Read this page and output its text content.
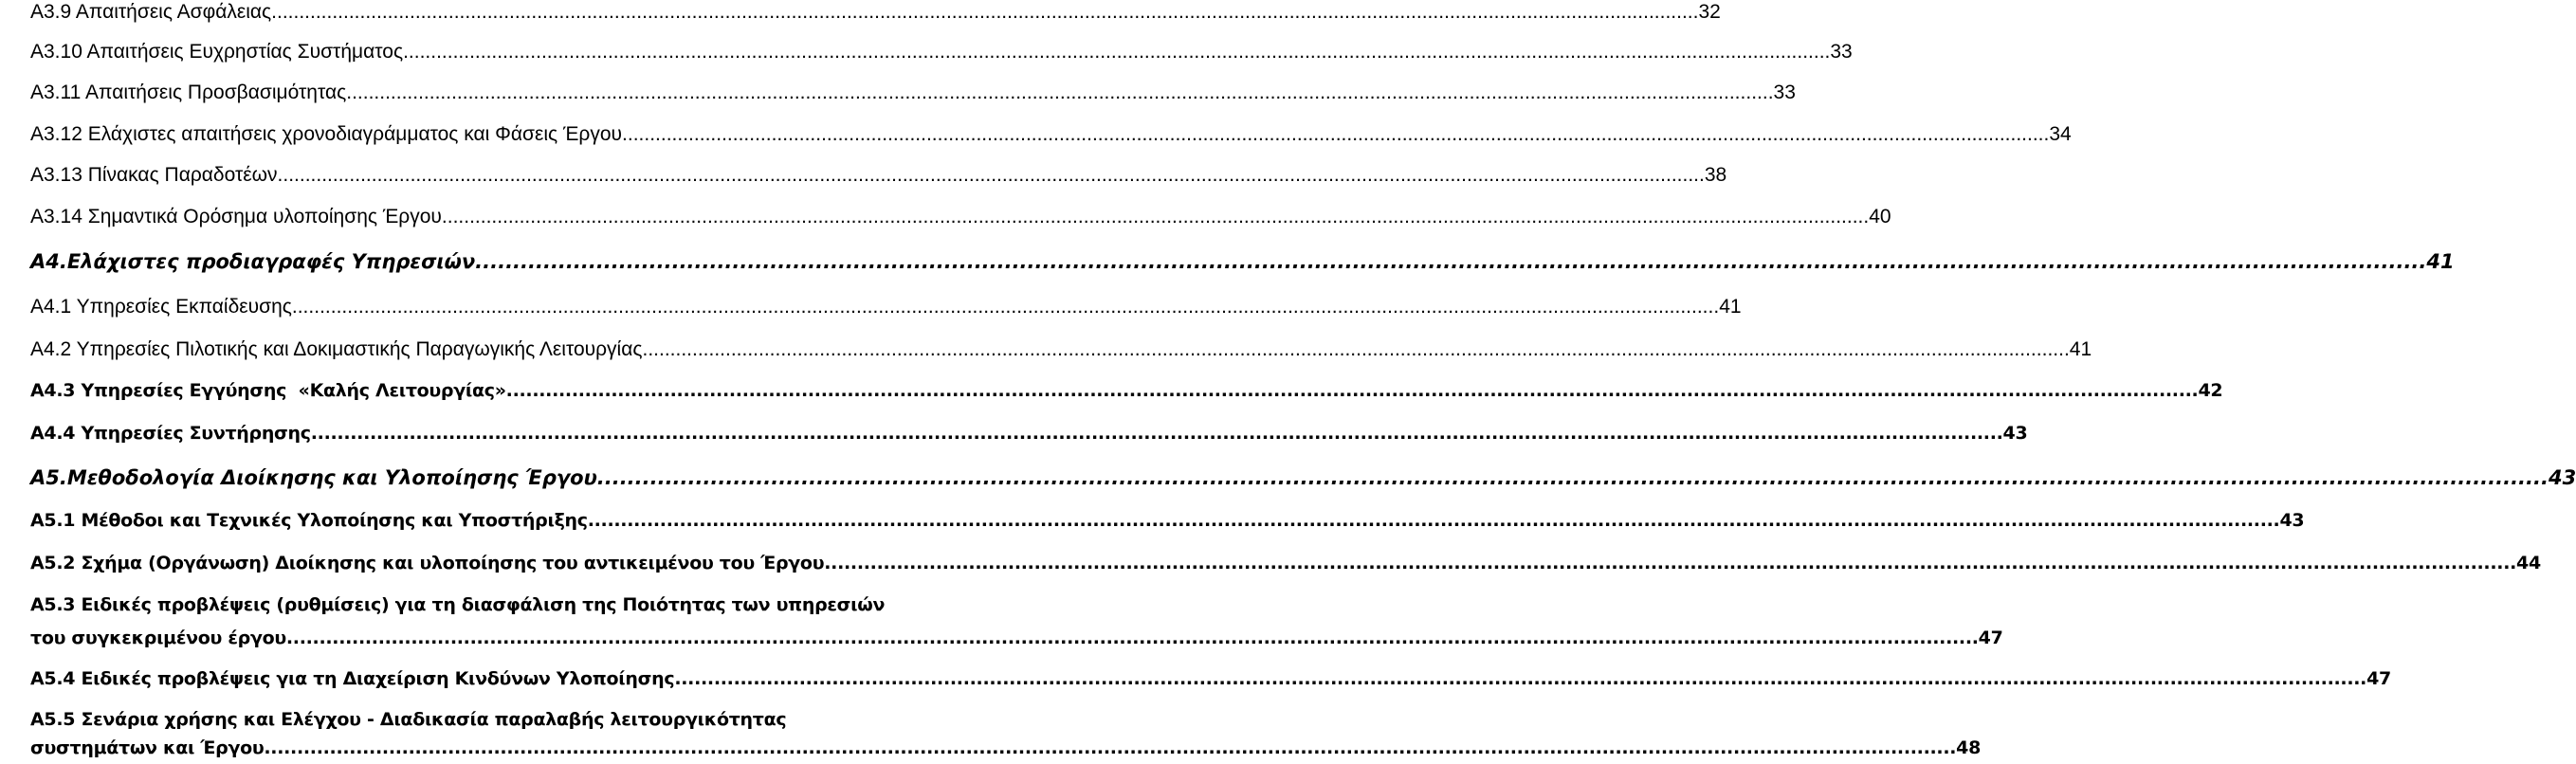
Α3.9 Απαιτήσεις Ασφάλειας .................................................................................................................................................................................................................................................................. 32
Α3.10 Απαιτήσεις Ευχρηστίας Συστήματος .................................................................................................................................................................................................................................................................. 33
Α3.11 Απαιτήσεις Προσβασιμότητας .................................................................................................................................................................................................................................................................. 33
Α3.12 Ελάχιστες απαιτήσεις χρονοδιαγράμματος και Φάσεις Έργου .................................................................................................................................................................................................................................................................. 34
Α3.13 Πίνακας Παραδοτέων .................................................................................................................................................................................................................................................................. 38
Α3.14 Σημαντικά Ορόσημα υλοποίησης Έργου .................................................................................................................................................................................................................................................................. 40
Α4.Ελάχιστες προδιαγραφές Υπηρεσιών .................................................................................................................................................................................................................................................................. 41
Α4.1 Υπηρεσίες Εκπαίδευσης .................................................................................................................................................................................................................................................................. 41
Α4.2 Υπηρεσίες Πιλοτικής και Δοκιμαστικής Παραγωγικής Λειτουργίας .................................................................................................................................................................................................................................................................. 41
Α4.3 Υπηρεσίες Εγγύησης  «Καλής Λειτουργίας» .................................................................................................................................................................................................................................................................. 42
Α4.4 Υπηρεσίες Συντήρησης .................................................................................................................................................................................................................................................................. 43
Α5.Μεθοδολογία Διοίκησης και Υλοποίησης Έργου .................................................................................................................................................................................................................................................................. 43
Α5.1 Μέθοδοι και Τεχνικές Υλοποίησης και Υποστήριξης .................................................................................................................................................................................................................................................................. 43
Α5.2 Σχήμα (Οργάνωση) Διοίκησης και υλοποίησης του αντικειμένου του Έργου .................................................................................................................................................................................................................................................................. 44
Α5.3 Ειδικές προβλέψεις (ρυθμίσεις) για τη διασφάλιση της Ποιότητας των υπηρεσιών
του συγκεκριμένου έργου .................................................................................................................................................................................................................................................................. 47
Α5.4 Ειδικές προβλέψεις για τη Διαχείριση Κινδύνων Υλοποίησης .................................................................................................................................................................................................................................................................. 47
Α5.5 Σενάρια χρήσης και Ελέγχου - Διαδικασία παραλαβής λειτουργικότητας
συστημάτων και Έργου .................................................................................................................................................................................................................................................................. 48
